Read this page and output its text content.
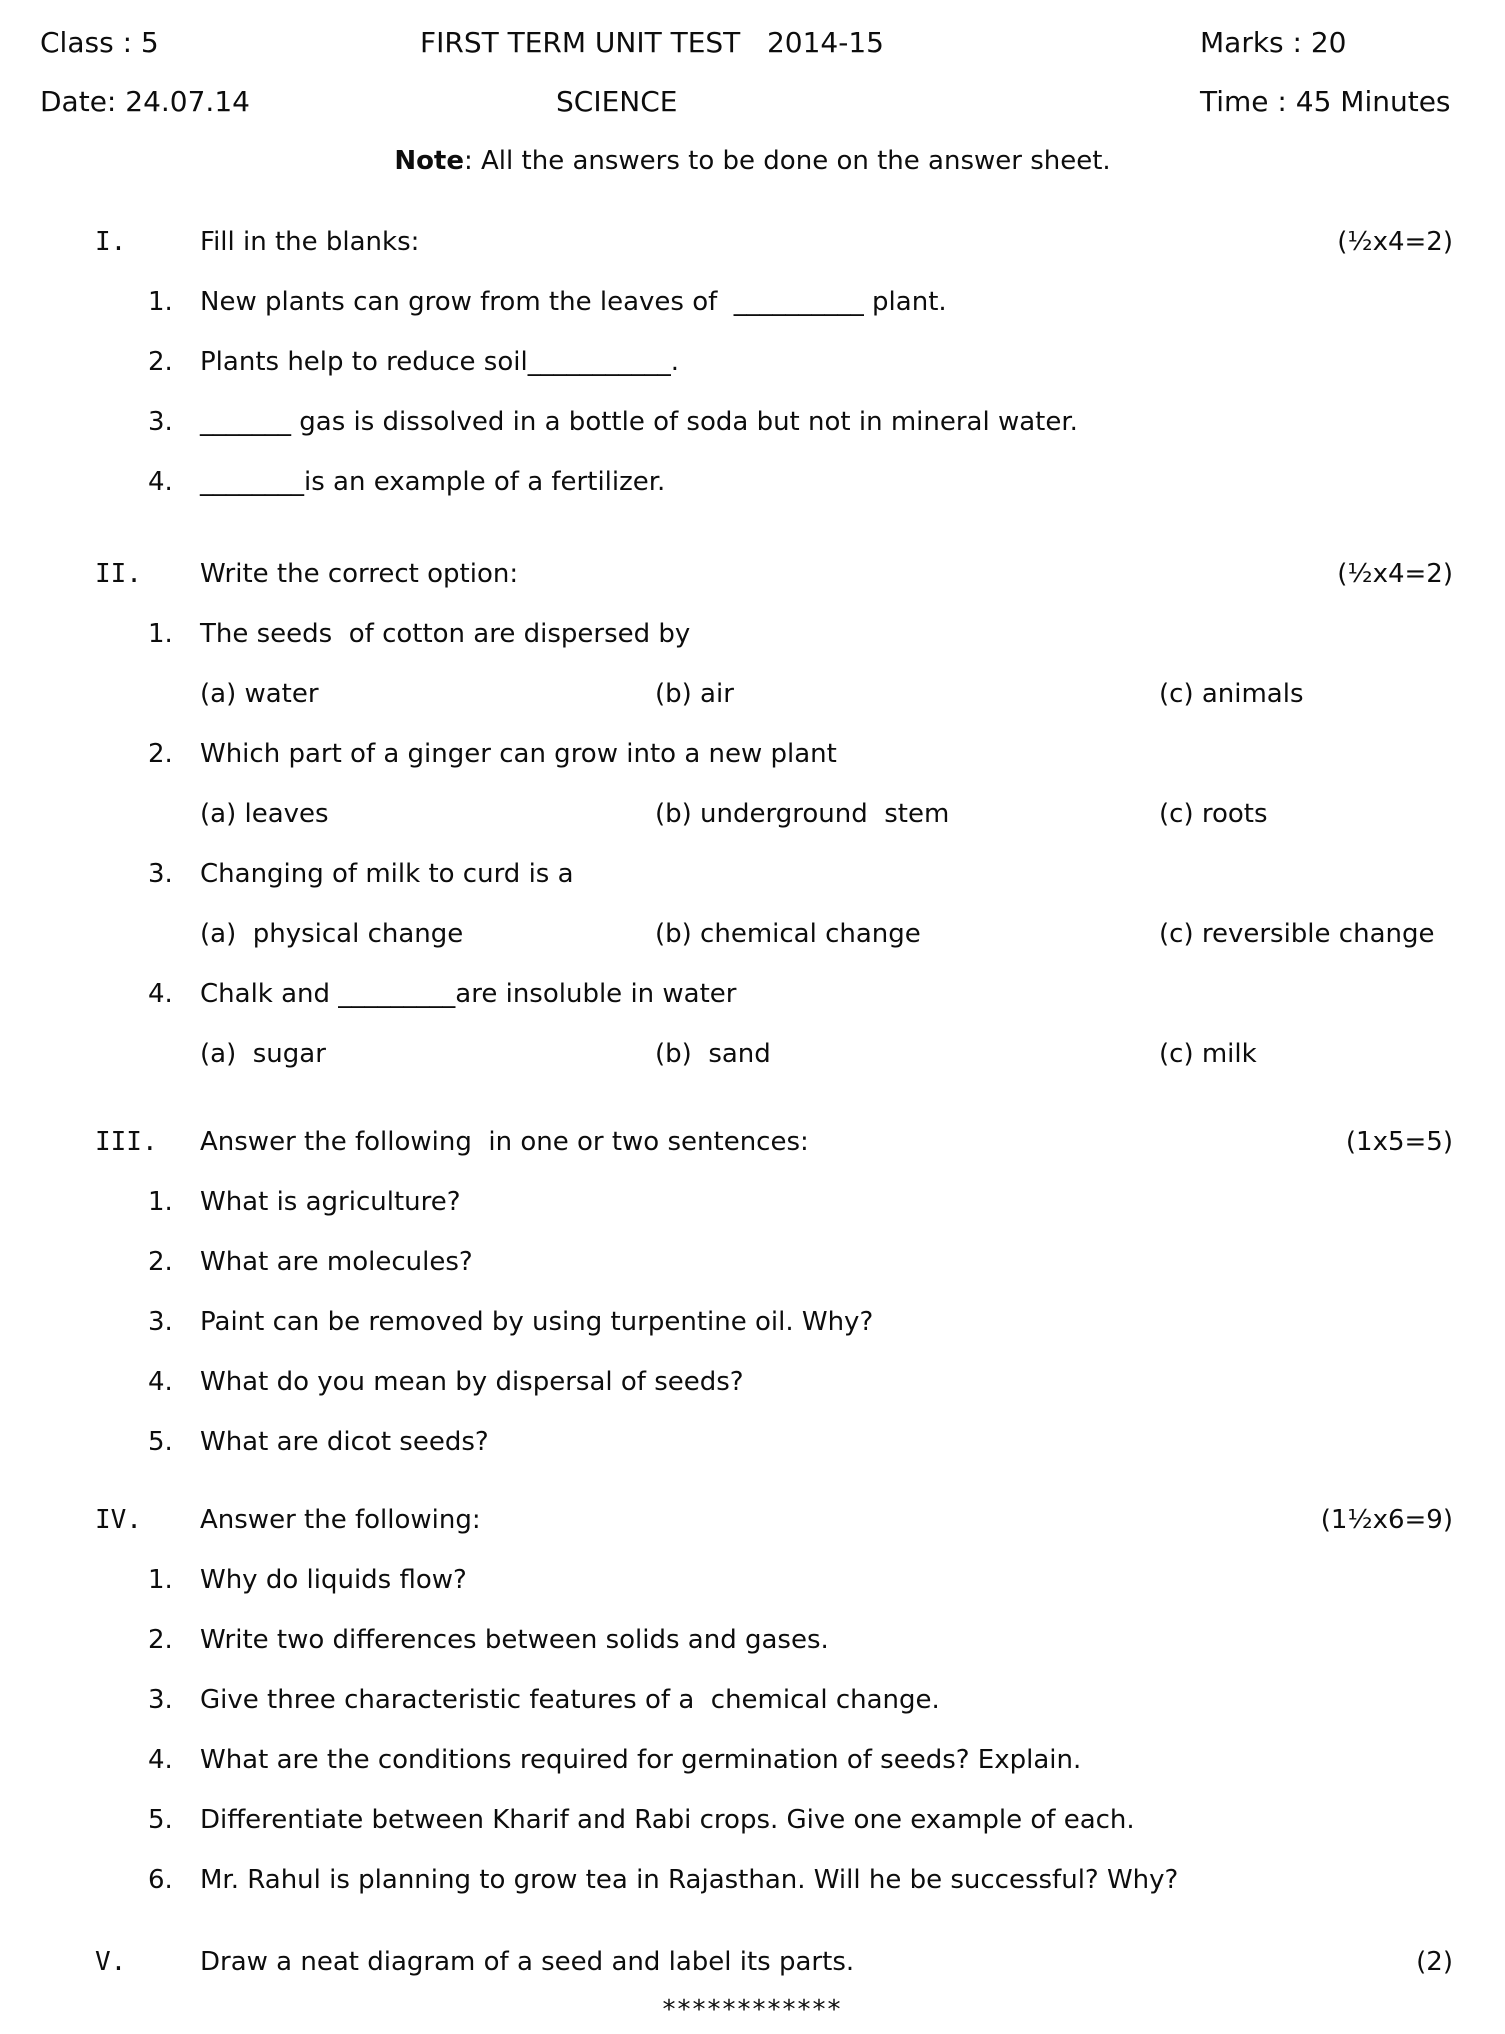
Class : 5	FIRST TERM UNIT TEST   2014-15	Marks : 20
Date: 24.07.14	SCIENCE	Time : 45 Minutes
Note: All the answers to be done on the answer sheet.
I.	Fill in the blanks:	(½x4=2)
1. New plants can grow from the leaves of  __________ plant.
2. Plants help to reduce soil___________.
3. _______ gas is dissolved in a bottle of soda but not in mineral water.
4. ________is an example of a fertilizer.
II. Write the correct option:	(½x4=2)
1. The seeds  of cotton are dispersed by
(a) water	(b) air	(c) animals
2. Which part of a ginger can grow into a new plant
(a) leaves	(b) underground  stem	(c) roots
3. Changing of milk to curd is a
(a)  physical change	(b) chemical change	(c) reversible change
4. Chalk and _________are insoluble in water
(a)  sugar	(b)  sand	(c) milk
III. Answer the following  in one or two sentences:	(1x5=5)
1. What is agriculture?
2. What are molecules?
3. Paint can be removed by using turpentine oil. Why?
4. What do you mean by dispersal of seeds?
5. What are dicot seeds?
IV. Answer the following:	(1½x6=9)
1. Why do liquids flow?
2. Write two differences between solids and gases.
3. Give three characteristic features of a  chemical change.
4. What are the conditions required for germination of seeds? Explain.
5. Differentiate between Kharif and Rabi crops. Give one example of each.
6. Mr. Rahul is planning to grow tea in Rajasthan. Will he be successful? Why?
V.	Draw a neat diagram of a seed and label its parts.	(2)
************
